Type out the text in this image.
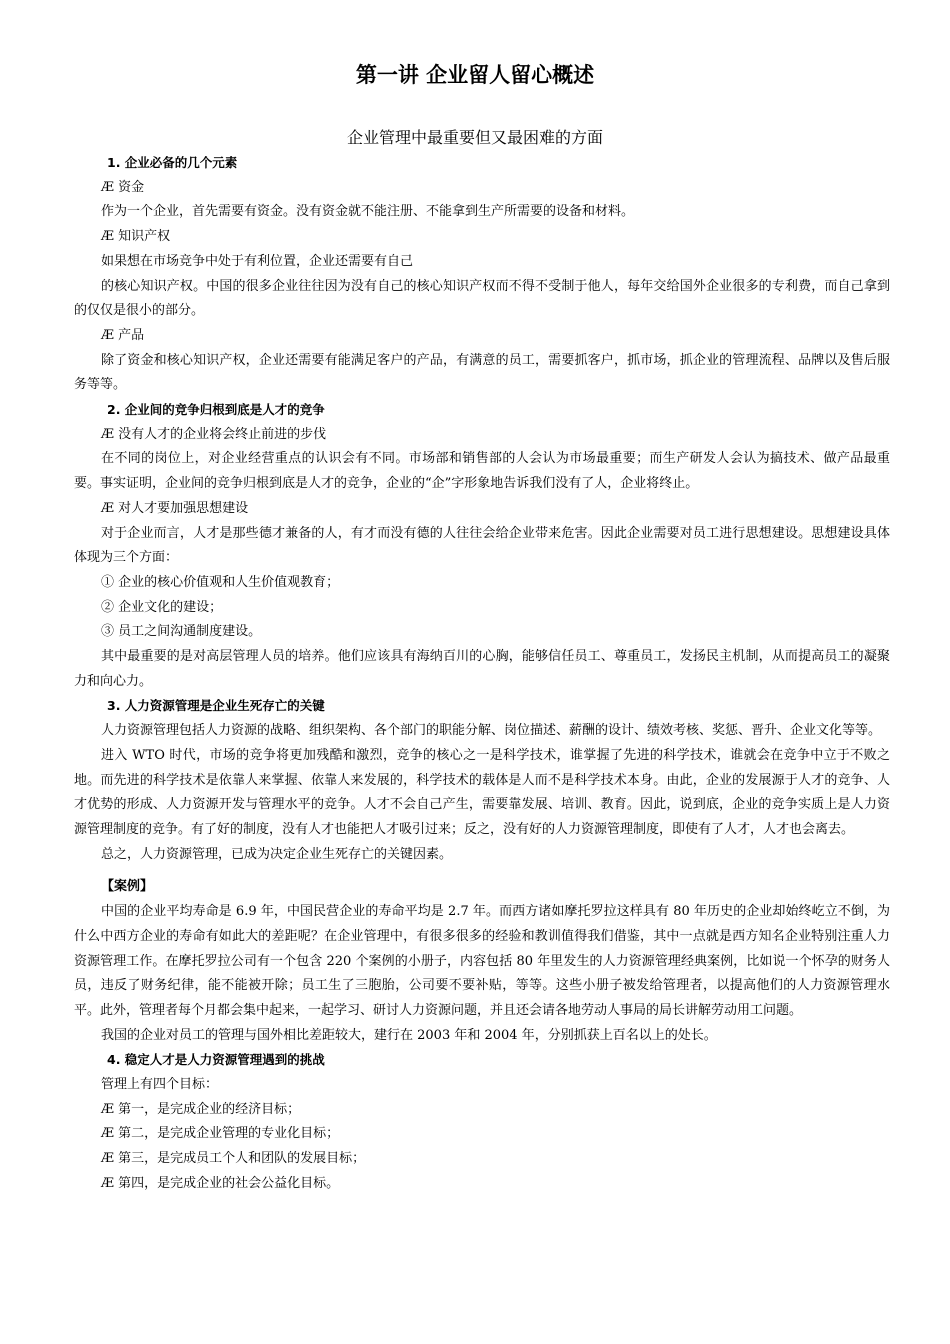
第一讲 企业留人留心概述
企业管理中最重要但又最困难的方面

1. 企业必备的几个元素

Æ 资金

作为一个企业，首先需要有资金。没有资金就不能注册、不能拿到生产所需要的设备和材料。

Æ 知识产权

如果想在市场竞争中处于有利位置，企业还需要有自己

的核心知识产权。中国的很多企业往往因为没有自己的核心知识产权而不得不受制于他人，每年交给国外企业很多的专利费，而自己拿到的仅仅是很小的部分。

Æ 产品

除了资金和核心知识产权，企业还需要有能满足客户的产品，有满意的员工，需要抓客户，抓市场，抓企业的管理流程、品牌以及售后服务等等。

2. 企业间的竞争归根到底是人才的竞争

Æ 没有人才的企业将会终止前进的步伐

在不同的岗位上，对企业经营重点的认识会有不同。市场部和销售部的人会认为市场最重要；而生产研发人会认为搞技术、做产品最重要。事实证明，企业间的竞争归根到底是人才的竞争，企业的“企”字形象地告诉我们没有了人，企业将终止。

Æ 对人才要加强思想建设

对于企业而言，人才是那些德才兼备的人，有才而没有德的人往往会给企业带来危害。因此企业需要对员工进行思想建设。思想建设具体体现为三个方面：

① 企业的核心价值观和人生价值观教育；

② 企业文化的建设；

③ 员工之间沟通制度建设。

其中最重要的是对高层管理人员的培养。他们应该具有海纳百川的心胸，能够信任员工、尊重员工，发扬民主机制，从而提高员工的凝聚力和向心力。

3. 人力资源管理是企业生死存亡的关键

人力资源管理包括人力资源的战略、组织架构、各个部门的职能分解、岗位描述、薪酬的设计、绩效考核、奖惩、晋升、企业文化等等。

进入 WTO 时代，市场的竞争将更加残酷和激烈，竞争的核心之一是科学技术，谁掌握了先进的科学技术，谁就会在竞争中立于不败之地。而先进的科学技术是依靠人来掌握、依靠人来发展的，科学技术的载体是人而不是科学技术本身。由此，企业的发展源于人才的竞争、人才优势的形成、人力资源开发与管理水平的竞争。人才不会自己产生，需要靠发展、培训、教育。因此，说到底，企业的竞争实质上是人力资源管理制度的竞争。有了好的制度，没有人才也能把人才吸引过来；反之，没有好的人力资源管理制度，即使有了人才，人才也会离去。

总之，人力资源管理，已成为决定企业生死存亡的关键因素。

【案例】

中国的企业平均寿命是 6.9 年，中国民营企业的寿命平均是 2.7 年。而西方诸如摩托罗拉这样具有 80 年历史的企业却始终屹立不倒，为什么中西方企业的寿命有如此大的差距呢？在企业管理中，有很多很多的经验和教训值得我们借鉴，其中一点就是西方知名企业特别注重人力资源管理工作。在摩托罗拉公司有一个包含 220 个案例的小册子，内容包括 80 年里发生的人力资源管理经典案例，比如说一个怀孕的财务人员，违反了财务纪律，能不能被开除；员工生了三胞胎，公司要不要补贴，等等。这些小册子被发给管理者，以提高他们的人力资源管理水平。此外，管理者每个月都会集中起来，一起学习、研讨人力资源问题，并且还会请各地劳动人事局的局长讲解劳动用工问题。

我国的企业对员工的管理与国外相比差距较大，建行在 2003 年和 2004 年，分别抓获上百名以上的处长。

4. 稳定人才是人力资源管理遇到的挑战

管理上有四个目标：

Æ 第一，是完成企业的经济目标；

Æ 第二，是完成企业管理的专业化目标；

Æ 第三，是完成员工个人和团队的发展目标；

Æ 第四，是完成企业的社会公益化目标。
